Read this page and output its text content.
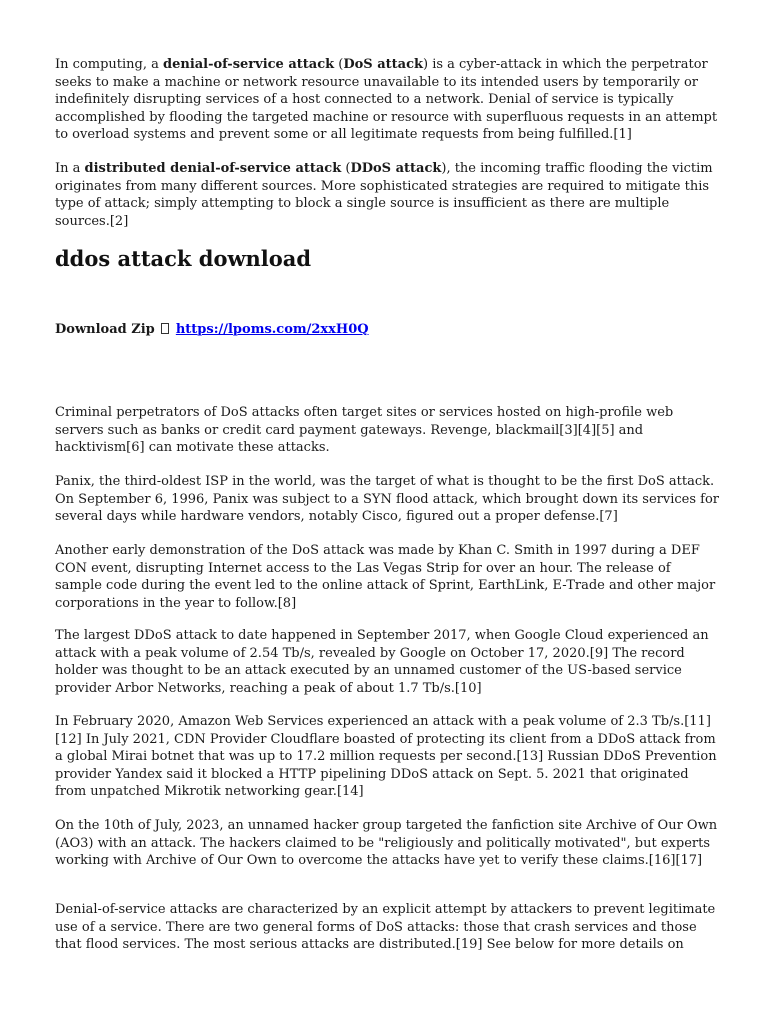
In computing, a denial-of-service attack (DoS attack) is a cyber-attack in which the perpetrator seeks to make a machine or network resource unavailable to its intended users by temporarily or indefinitely disrupting services of a host connected to a network. Denial of service is typically accomplished by flooding the targeted machine or resource with superfluous requests in an attempt to overload systems and prevent some or all legitimate requests from being fulfilled.[1]

In a distributed denial-of-service attack (DDoS attack), the incoming traffic flooding the victim originates from many different sources. More sophisticated strategies are required to mitigate this type of attack; simply attempting to block a single source is insufficient as there are multiple sources.[2]

ddos attack download
Download Zip https://lpoms.com/2xxH0Q

Criminal perpetrators of DoS attacks often target sites or services hosted on high-profile web servers such as banks or credit card payment gateways. Revenge, blackmail[3][4][5] and hacktivism[6] can motivate these attacks.

Panix, the third-oldest ISP in the world, was the target of what is thought to be the first DoS attack. On September 6, 1996, Panix was subject to a SYN flood attack, which brought down its services for several days while hardware vendors, notably Cisco, figured out a proper defense.[7]

Another early demonstration of the DoS attack was made by Khan C. Smith in 1997 during a DEF CON event, disrupting Internet access to the Las Vegas Strip for over an hour. The release of sample code during the event led to the online attack of Sprint, EarthLink, E-Trade and other major corporations in the year to follow.[8]

The largest DDoS attack to date happened in September 2017, when Google Cloud experienced an attack with a peak volume of 2.54 Tb/s, revealed by Google on October 17, 2020.[9] The record holder was thought to be an attack executed by an unnamed customer of the US-based service provider Arbor Networks, reaching a peak of about 1.7 Tb/s.[10]

In February 2020, Amazon Web Services experienced an attack with a peak volume of 2.3 Tb/s.[11][12] In July 2021, CDN Provider Cloudflare boasted of protecting its client from a DDoS attack from a global Mirai botnet that was up to 17.2 million requests per second.[13] Russian DDoS Prevention provider Yandex said it blocked a HTTP pipelining DDoS attack on Sept. 5. 2021 that originated from unpatched Mikrotik networking gear.[14]

On the 10th of July, 2023, an unnamed hacker group targeted the fanfiction site Archive of Our Own (AO3) with an attack. The hackers claimed to be "religiously and politically motivated", but experts working with Archive of Our Own to overcome the attacks have yet to verify these claims.[16][17]

Denial-of-service attacks are characterized by an explicit attempt by attackers to prevent legitimate use of a service. There are two general forms of DoS attacks: those that crash services and those that flood services. The most serious attacks are distributed.[19] See below for more details on
